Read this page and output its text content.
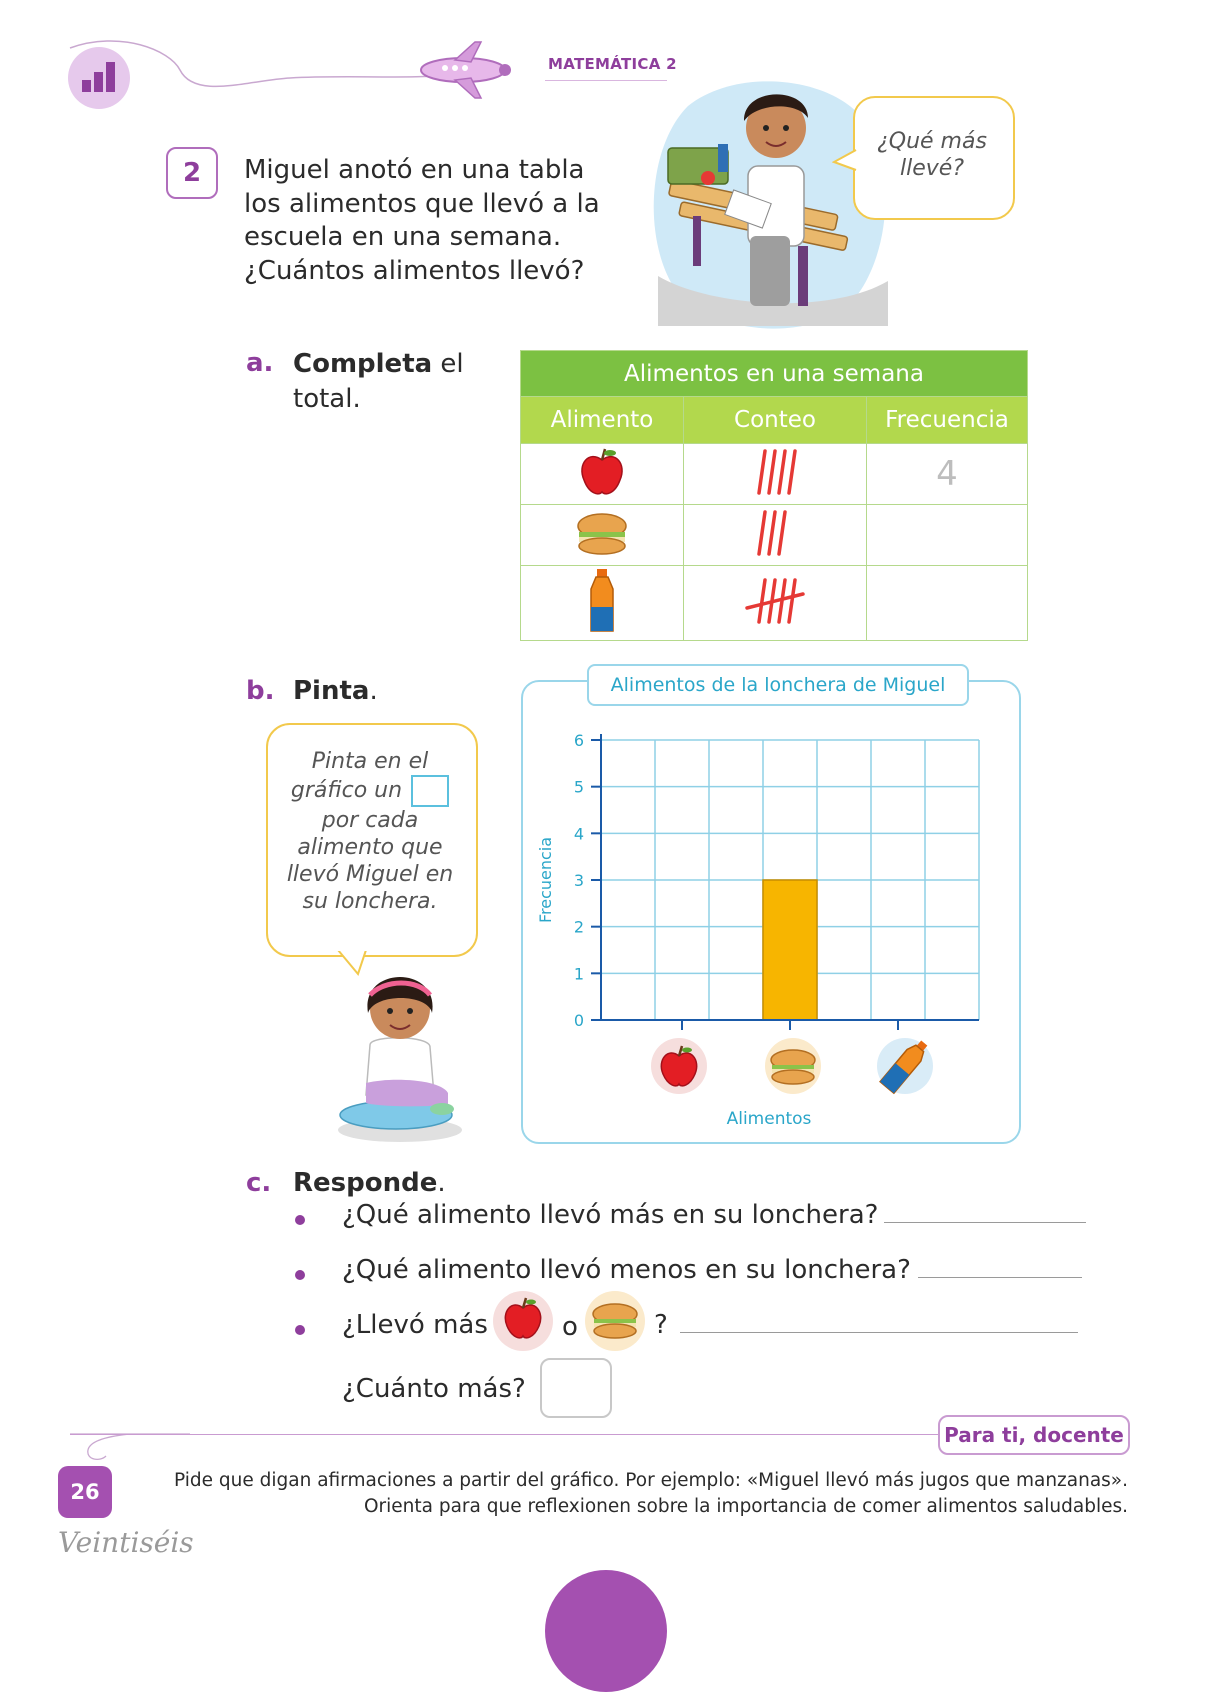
MATEMÁTICA 2
2	Miguel anotó en una tabla
los alimentos que llevó a la
escuela en una semana.
¿Cuántos alimentos llevó?
¿Qué más
llevé?
a. Completa el
total.
Alimentos en una semana		
Alimento	Conteo	Frecuencia
		4

b. Pinta.
Pinta en el
gráfico un
por cada
alimento que
llevó Miguel en
su lonchera.
Alimentos de la lonchera de Miguel
0
1
2
3
4
5
6
Frecuencia
Alimentos
c. Responde.
¿Qué alimento llevó más en su lonchera?
¿Qué alimento llevó menos en su lonchera?
¿Llevó más	o	?
¿Cuánto más?
Para ti, docente
Pide que digan afirmaciones a partir del gráfico. Por ejemplo: «Miguel llevó más jugos que manzanas».
Orienta para que reflexionen sobre la importancia de comer alimentos saludables.
26
Veintiséis
